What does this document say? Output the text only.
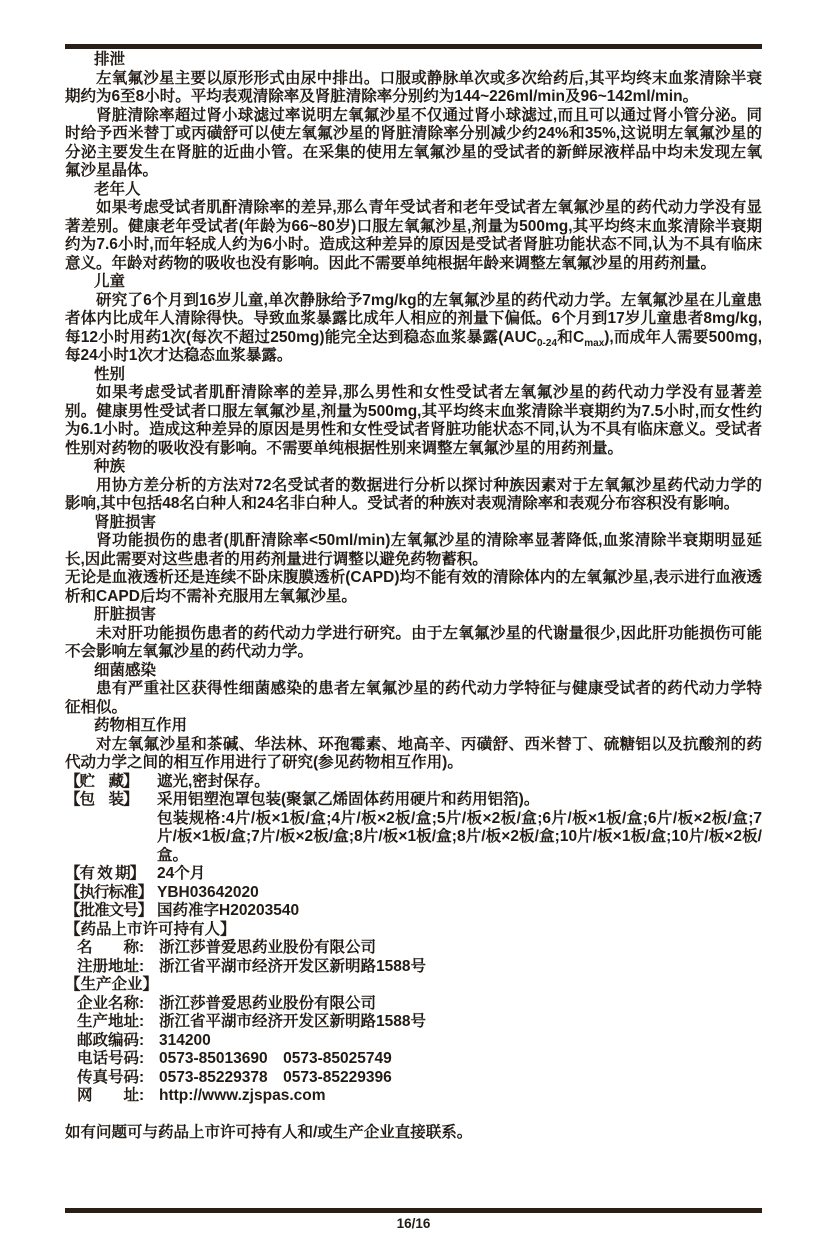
排泄

左氧氟沙星主要以原形形式由尿中排出。口服或静脉单次或多次给药后,其平均终末血浆清除半衰期约为6至8小时。平均表观清除率及肾脏清除率分别约为144~226ml/min及96~142ml/min。

肾脏清除率超过肾小球滤过率说明左氧氟沙星不仅通过肾小球滤过,而且可以通过肾小管分泌。同时给予西米替丁或丙磺舒可以使左氧氟沙星的肾脏清除率分别减少约24%和35%,这说明左氧氟沙星的分泌主要发生在肾脏的近曲小管。在采集的使用左氧氟沙星的受试者的新鲜尿液样品中均未发现左氧氟沙星晶体。

老年人

如果考虑受试者肌酐清除率的差异,那么青年受试者和老年受试者左氧氟沙星的药代动力学没有显著差别。健康老年受试者(年龄为66~80岁)口服左氧氟沙星,剂量为500mg,其平均终末血浆清除半衰期约为7.6小时,而年轻成人约为6小时。造成这种差异的原因是受试者肾脏功能状态不同,认为不具有临床意义。年龄对药物的吸收也没有影响。因此不需要单纯根据年龄来调整左氧氟沙星的用药剂量。

儿童

研究了6个月到16岁儿童,单次静脉给予7mg/kg的左氧氟沙星的药代动力学。左氧氟沙星在儿童患者体内比成年人清除得快。导致血浆暴露比成年人相应的剂量下偏低。6个月到17岁儿童患者8mg/kg,每12小时用药1次(每次不超过250mg)能完全达到稳态血浆暴露($AUC_{0-24}$和$C_{max}$),而成年人需要500mg,每24小时1次才达稳态血浆暴露。

性别

如果考虑受试者肌酐清除率的差异,那么男性和女性受试者左氧氟沙星的药代动力学没有显著差别。健康男性受试者口服左氧氟沙星,剂量为500mg,其平均终末血浆清除半衰期约为7.5小时,而女性约为6.1小时。造成这种差异的原因是男性和女性受试者肾脏功能状态不同,认为不具有临床意义。受试者性别对药物的吸收没有影响。不需要单纯根据性别来调整左氧氟沙星的用药剂量。

种族

用协方差分析的方法对72名受试者的数据进行分析以探讨种族因素对于左氧氟沙星药代动力学的影响,其中包括48名白种人和24名非白种人。受试者的种族对表观清除率和表观分布容积没有影响。

肾脏损害

肾功能损伤的患者(肌酐清除率<50ml/min)左氧氟沙星的清除率显著降低,血浆清除半衰期明显延长,因此需要对这些患者的用药剂量进行调整以避免药物蓄积。

无论是血液透析还是连续不卧床腹膜透析(CAPD)均不能有效的清除体内的左氧氟沙星,表示进行血液透析和CAPD后均不需补充服用左氧氟沙星。

肝脏损害

未对肝功能损伤患者的药代动力学进行研究。由于左氧氟沙星的代谢量很少,因此肝功能损伤可能不会影响左氧氟沙星的药代动力学。

细菌感染

患有严重社区获得性细菌感染的患者左氧氟沙星的药代动力学特征与健康受试者的药代动力学特征相似。

药物相互作用

对左氧氟沙星和茶碱、华法林、环孢霉素、地高辛、丙磺舒、西米替丁、硫糖铝以及抗酸剂的药代动力学之间的相互作用进行了研究(参见药物相互作用)。

【贮　藏】	遮光,密封保存。
【包　装】	采用铝塑泡罩包装(聚氯乙烯固体药用硬片和药用铝箔)。
包装规格:4片/板×1板/盒;4片/板×2板/盒;5片/板×2板/盒;6片/板×1板/盒;6片/板×2板/盒;7片/板×1板/盒;7片/板×2板/盒;8片/板×1板/盒;8片/板×2板/盒;10片/板×1板/盒;10片/板×2板/盒。
【有 效 期】 24个月
【执行标准】 YBH03642020
【批准文号】 国药准字H20203540
【药品上市许可持有人】
名　　称: 浙江莎普爱思药业股份有限公司
注册地址: 浙江省平湖市经济开发区新明路1588号
【生产企业】
企业名称: 浙江莎普爱思药业股份有限公司
生产地址: 浙江省平湖市经济开发区新明路1588号
邮政编码: 314200
电话号码: 0573-85013690　0573-85025749
传真号码: 0573-85229378　0573-85229396
网　　址: http://www.zjspas.com

如有问题可与药品上市许可持有人和/或生产企业直接联系。

16/16
